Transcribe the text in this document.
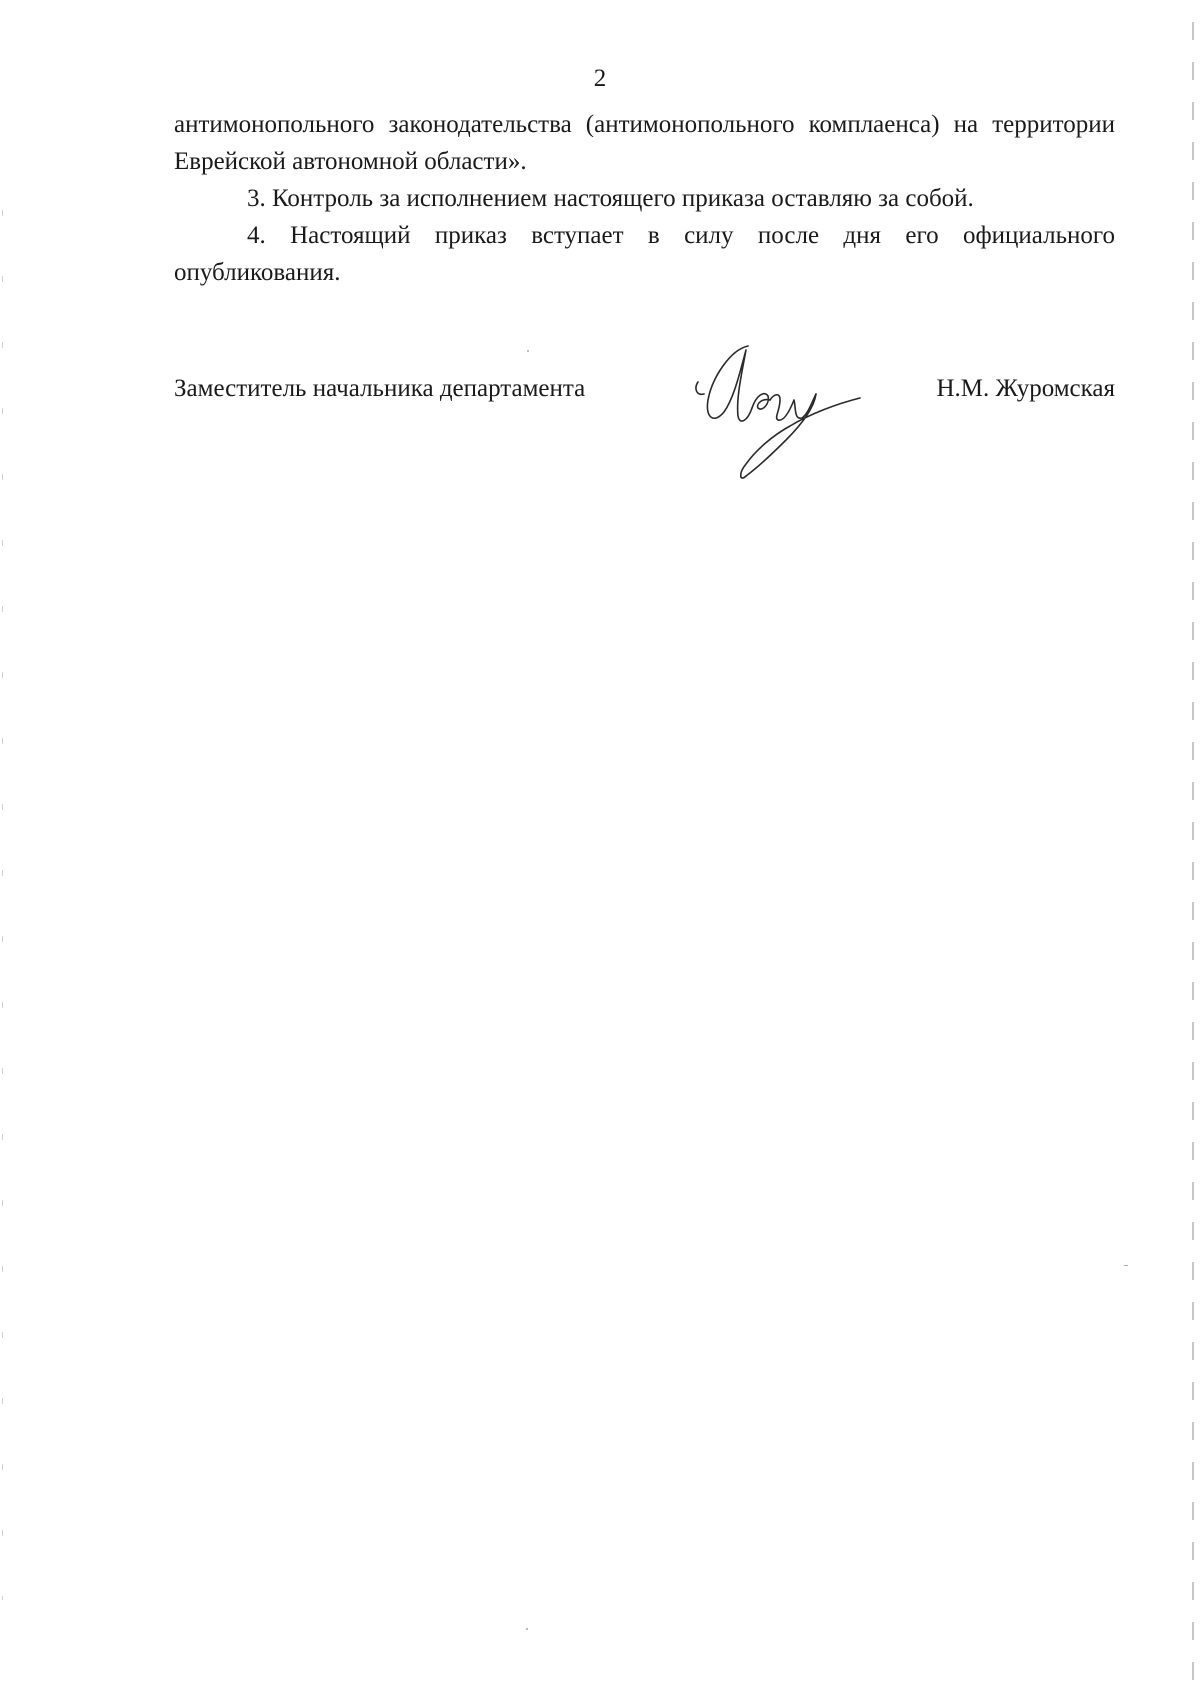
2

антимонопольного законодательства (антимонопольного комплаенса) на территории Еврейской автономной области».

3. Контроль за исполнением настоящего приказа оставляю за собой.

4. Настоящий приказ вступает в силу после дня его официального опубликования.

Заместитель начальника департамента	Н.М. Журомская
